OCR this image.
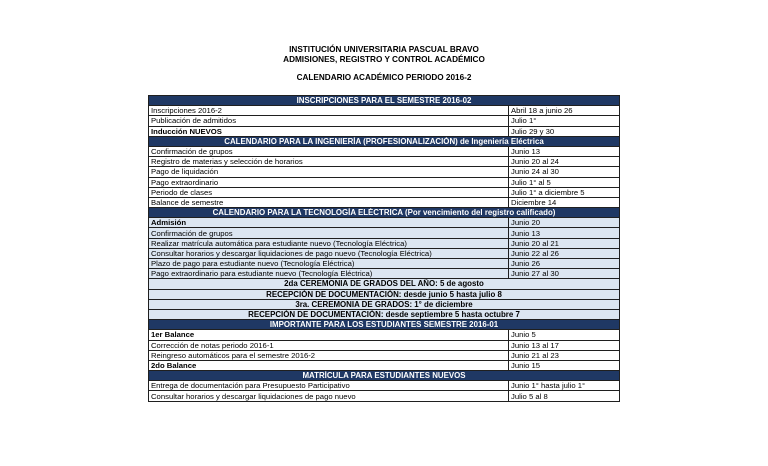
INSTITUCIÓN UNIVERSITARIA PASCUAL BRAVO
ADMISIONES, REGISTRO Y CONTROL ACADÉMICO
CALENDARIO ACADÉMICO PERIODO 2016-2
INSCRIPCIONES PARA EL SEMESTRE 2016-02	
Inscripciones 2016-2	Abril 18 a junio 26
Publicación de admitidos	Julio 1°
Inducción NUEVOS	Julio 29 y 30
CALENDARIO PARA LA INGENIERÍA (PROFESIONALIZACIÓN) de Ingeniería Eléctrica	
Confirmación de grupos	Junio 13
Registro de materias y selección de horarios	Junio 20 al 24
Pago de liquidación	Junio 24 al 30
Pago extraordinario	Julio 1° al 5
Periodo de clases	Julio 1° a diciembre 5
Balance de semestre	Diciembre 14
CALENDARIO PARA LA TECNOLOGÍA ELÉCTRICA (Por vencimiento del registro calificado)	
Admisión	Junio 20
Confirmación de grupos	Junio 13
Realizar matrícula automática para estudiante nuevo (Tecnología Eléctrica)	Junio 20 al 21
Consultar horarios y descargar liquidaciones de pago nuevo (Tecnología Eléctrica)	Junio 22 al 26
Plazo de pago para estudiante nuevo (Tecnología Eléctrica)	Junio 26
Pago extraordinario para estudiante nuevo (Tecnología Eléctrica)	Junio 27 al 30
2da CEREMONIA DE GRADOS DEL AÑO: 5 de agosto	
RECEPCIÓN DE DOCUMENTACIÓN: desde junio 5 hasta julio 8	
3ra. CEREMONIA DE GRADOS: 1° de diciembre	
RECEPCIÓN DE DOCUMENTACIÓN: desde septiembre 5 hasta octubre 7	
IMPORTANTE PARA LOS ESTUDIANTES SEMESTRE 2016-01	
1er Balance	Junio 5
Corrección de notas periodo 2016-1	Junio 13 al 17
Reingreso automáticos para el semestre 2016-2	Junio 21 al 23
2do Balance	Junio 15
MATRÍCULA PARA ESTUDIANTES NUEVOS	
Entrega de documentación para Presupuesto Participativo	Junio 1° hasta julio 1°
Consultar horarios y descargar liquidaciones de pago nuevo	Julio 5 al 8
